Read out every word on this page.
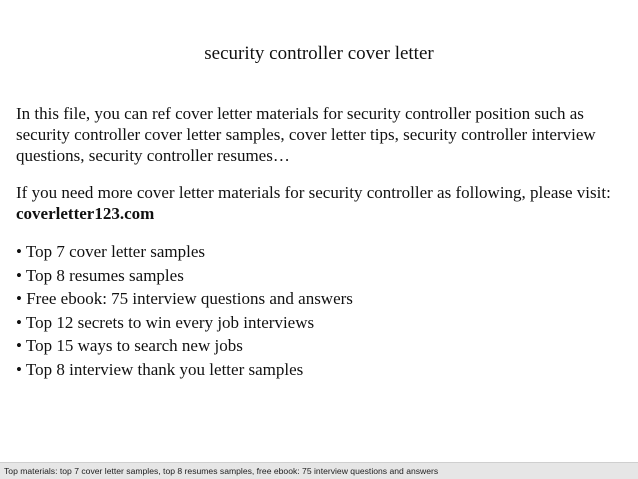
security controller cover letter
In this file, you can ref cover letter materials for security controller position such as security controller cover letter samples, cover letter tips, security controller interview questions, security controller resumes…
If you need more cover letter materials for security controller as following, please visit: coverletter123.com
• Top 7 cover letter samples
• Top 8 resumes samples
• Free ebook: 75 interview questions and answers
• Top 12 secrets to win every job interviews
• Top 15 ways to search new jobs
• Top 8 interview thank you letter samples
Top materials: top 7 cover letter samples, top 8 resumes samples, free ebook: 75 interview questions and answers
